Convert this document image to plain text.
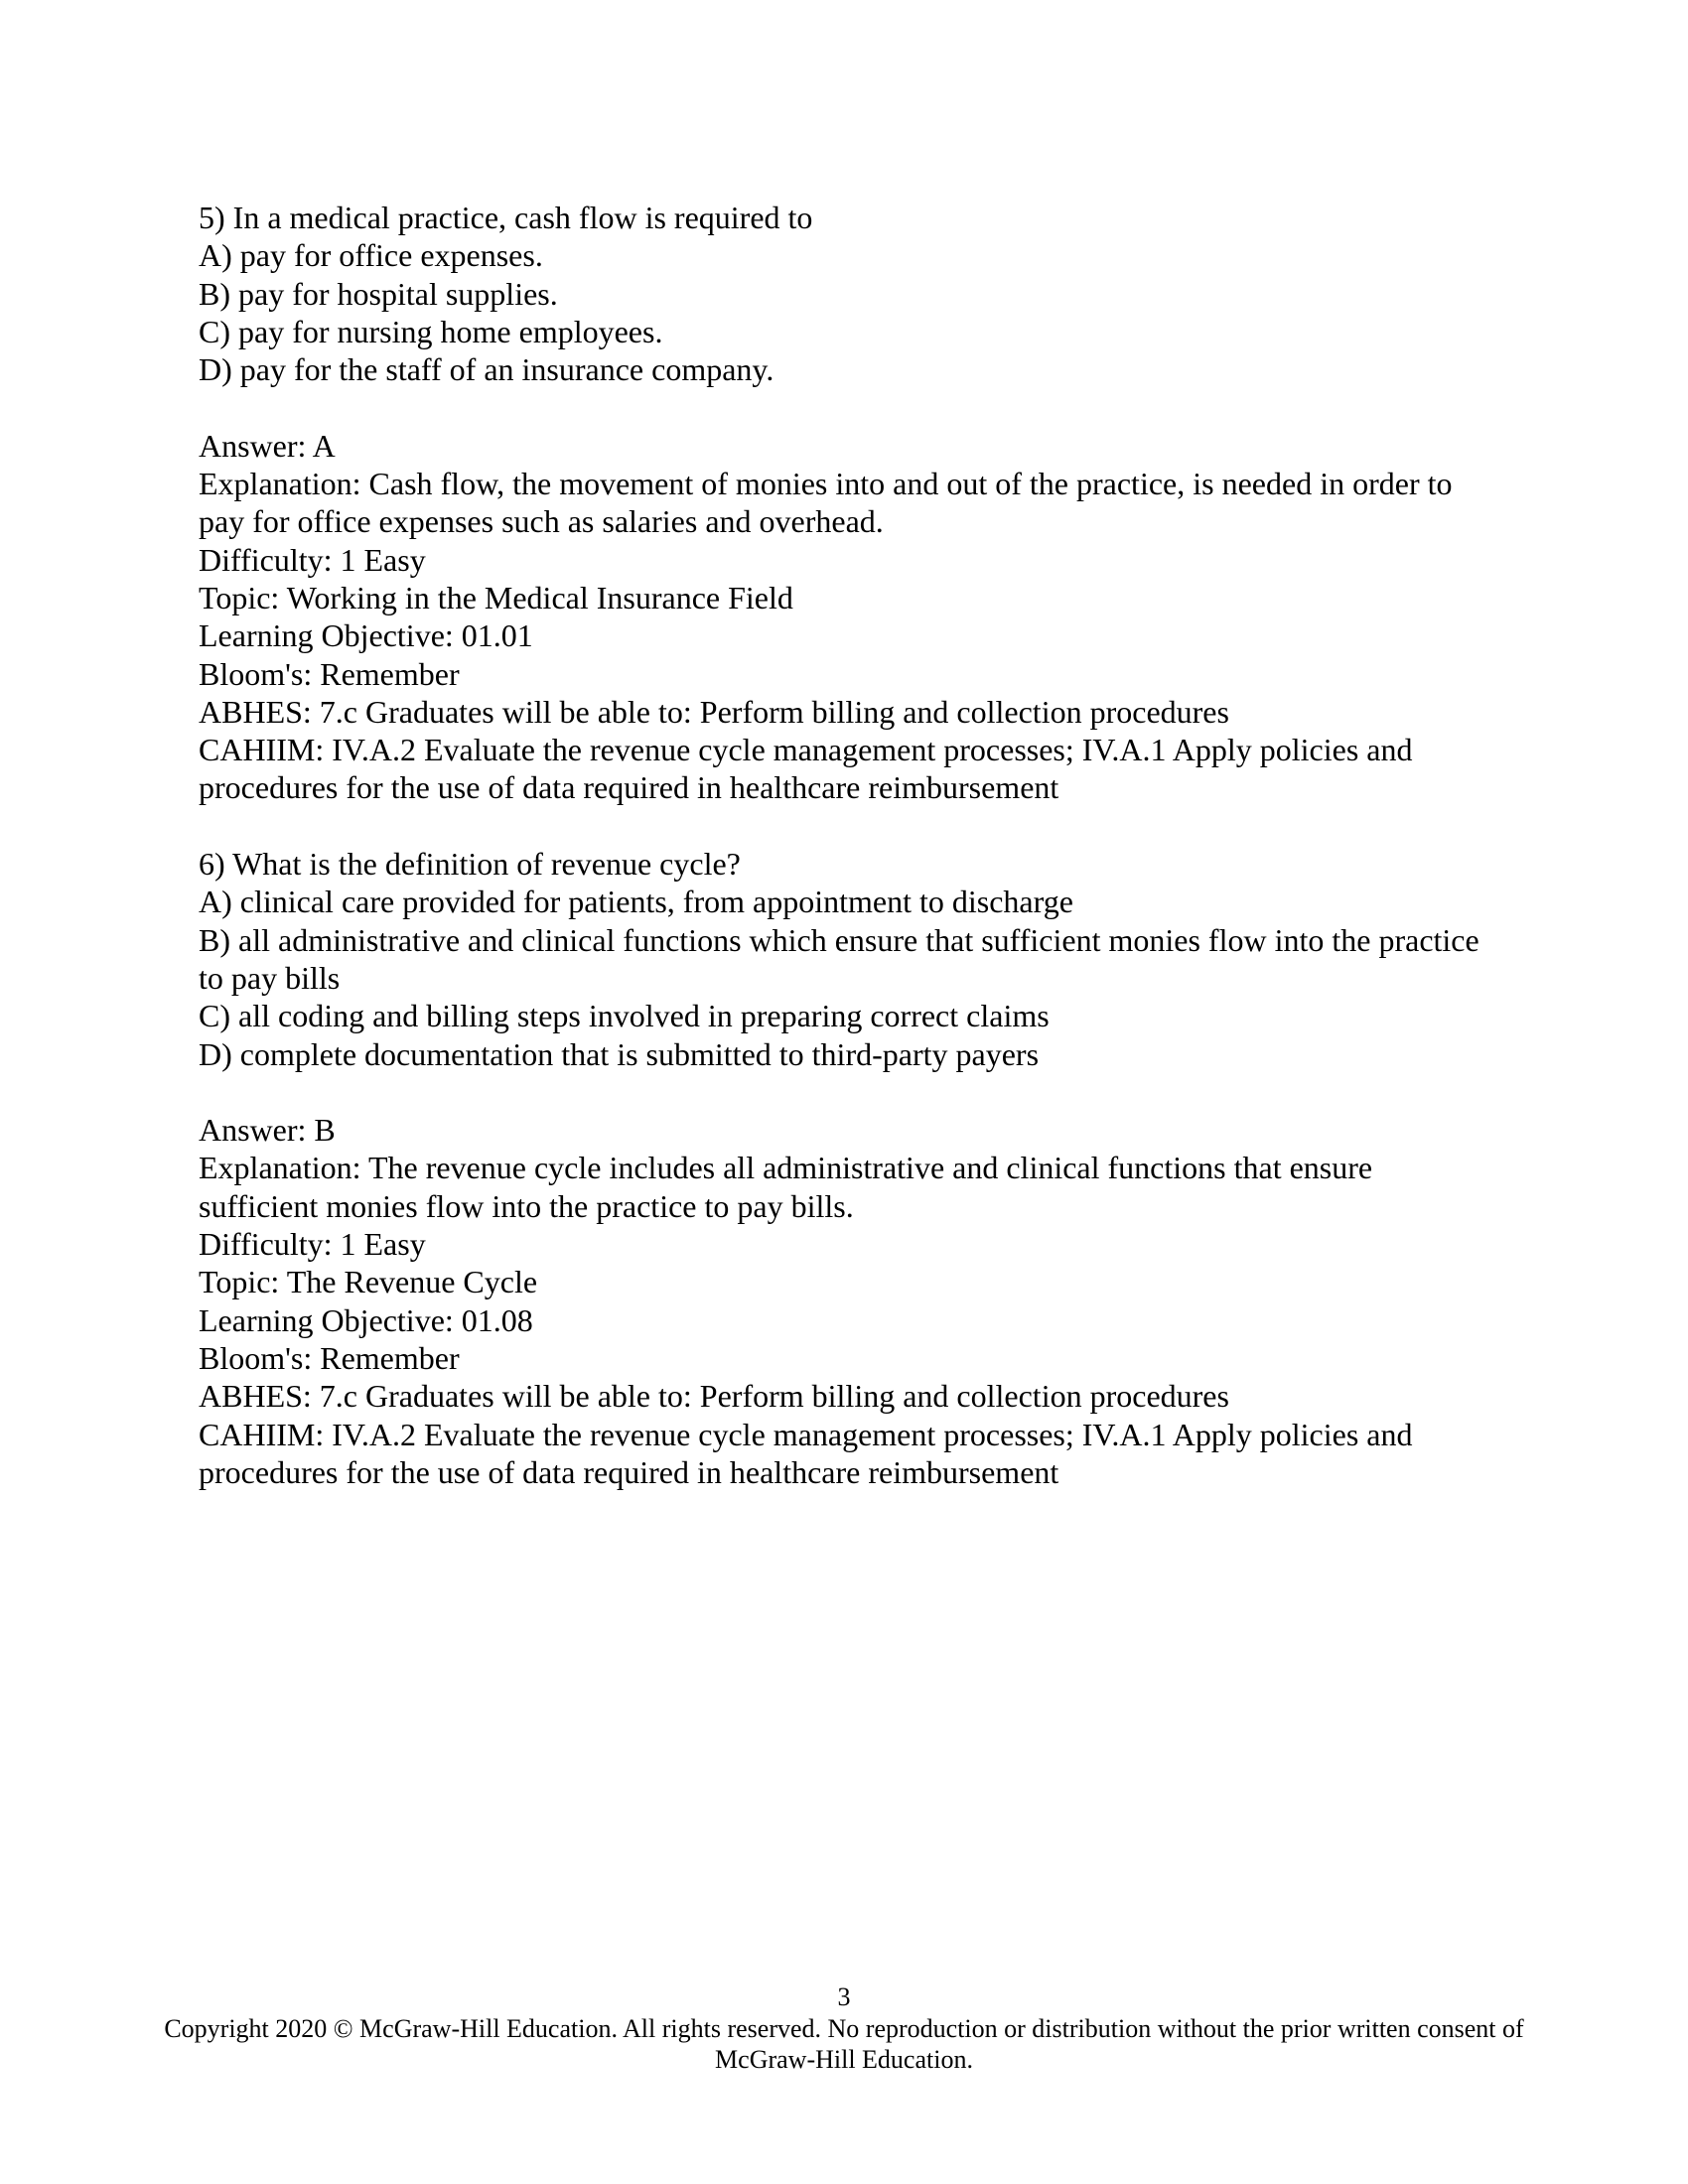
5) In a medical practice, cash flow is required to

A) pay for office expenses.

B) pay for hospital supplies.

C) pay for nursing home employees.

D) pay for the staff of an insurance company.

Answer: A

Explanation: Cash flow, the movement of monies into and out of the practice, is needed in order to pay for office expenses such as salaries and overhead.

Difficulty: 1 Easy

Topic: Working in the Medical Insurance Field

Learning Objective: 01.01

Bloom's: Remember

ABHES: 7.c Graduates will be able to: Perform billing and collection procedures

CAHIIM: IV.A.2 Evaluate the revenue cycle management processes; IV.A.1 Apply policies and procedures for the use of data required in healthcare reimbursement

6) What is the definition of revenue cycle?

A) clinical care provided for patients, from appointment to discharge

B) all administrative and clinical functions which ensure that sufficient monies flow into the practice to pay bills

C) all coding and billing steps involved in preparing correct claims

D) complete documentation that is submitted to third-party payers

Answer: B

Explanation: The revenue cycle includes all administrative and clinical functions that ensure sufficient monies flow into the practice to pay bills.

Difficulty: 1 Easy

Topic: The Revenue Cycle

Learning Objective: 01.08

Bloom's: Remember

ABHES: 7.c Graduates will be able to: Perform billing and collection procedures

CAHIIM: IV.A.2 Evaluate the revenue cycle management processes; IV.A.1 Apply policies and procedures for the use of data required in healthcare reimbursement

3
Copyright 2020 © McGraw-Hill Education. All rights reserved. No reproduction or distribution without the prior written consent of McGraw-Hill Education.
